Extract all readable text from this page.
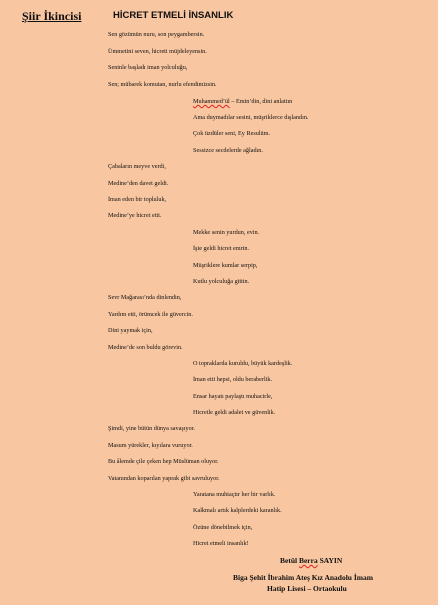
Şiir İkincisi	HİCRET ETMELİ İNSANLIK
Sen gözümün nuru, son peygambersin.
Ümmetini seven, hicreti müjdeleyensin.
Seninle başladı iman yolculuğu,
Sen; mübarek komutan, nurlu efendimizsin.
Muhammed’ül – Emin’din, dini anlattın
Ama duymadılar sesini, müşriklerce dışlandın.
Çok üzdüler seni, Ey Resulüm.
Sessizce secdelerde ağladın.
Çabaların meyve verdi,
Medine’den davet geldi.
İman eden bir topluluk,
Medine’ye hicret etti.
Mekke senin yurdun, evin.
İşte geldi hicret emrin.
Müşriklere kumlar serpip,
Kutlu yolculuğa gittin.
Sevr Mağarası’nda dinlendin,
Yardım etti, örümcek ile güvercin.
Dini yaymak için,
Medine’de son buldu görevin.
O topraklarda kuruldu, büyük kardeşlik.
İman etti hepsi, oldu beraberlik.
Ensar hayatı paylaştı muhacirle,
Hicretle geldi adalet ve güvenlik.
Şimdi, yine bütün dünya savaşıyor.
Masum yürekler, kıyılara vuruyor.
Bu âlemde çile çeken hep Müslüman oluyor.
Vatanından koparılan yaprak gibi savruluyor.
Yaratana muhtaçtır her bir varlık.
Kalkmalı artık kalplerdeki karanlık.
Özüne dönebilmek için,
Hicret etmeli insanlık!
Betül Berra SAYIN
Biga Şehit İbrahim Ateş Kız Anadolu İmam
Hatip Lisesi – Ortaokulu
